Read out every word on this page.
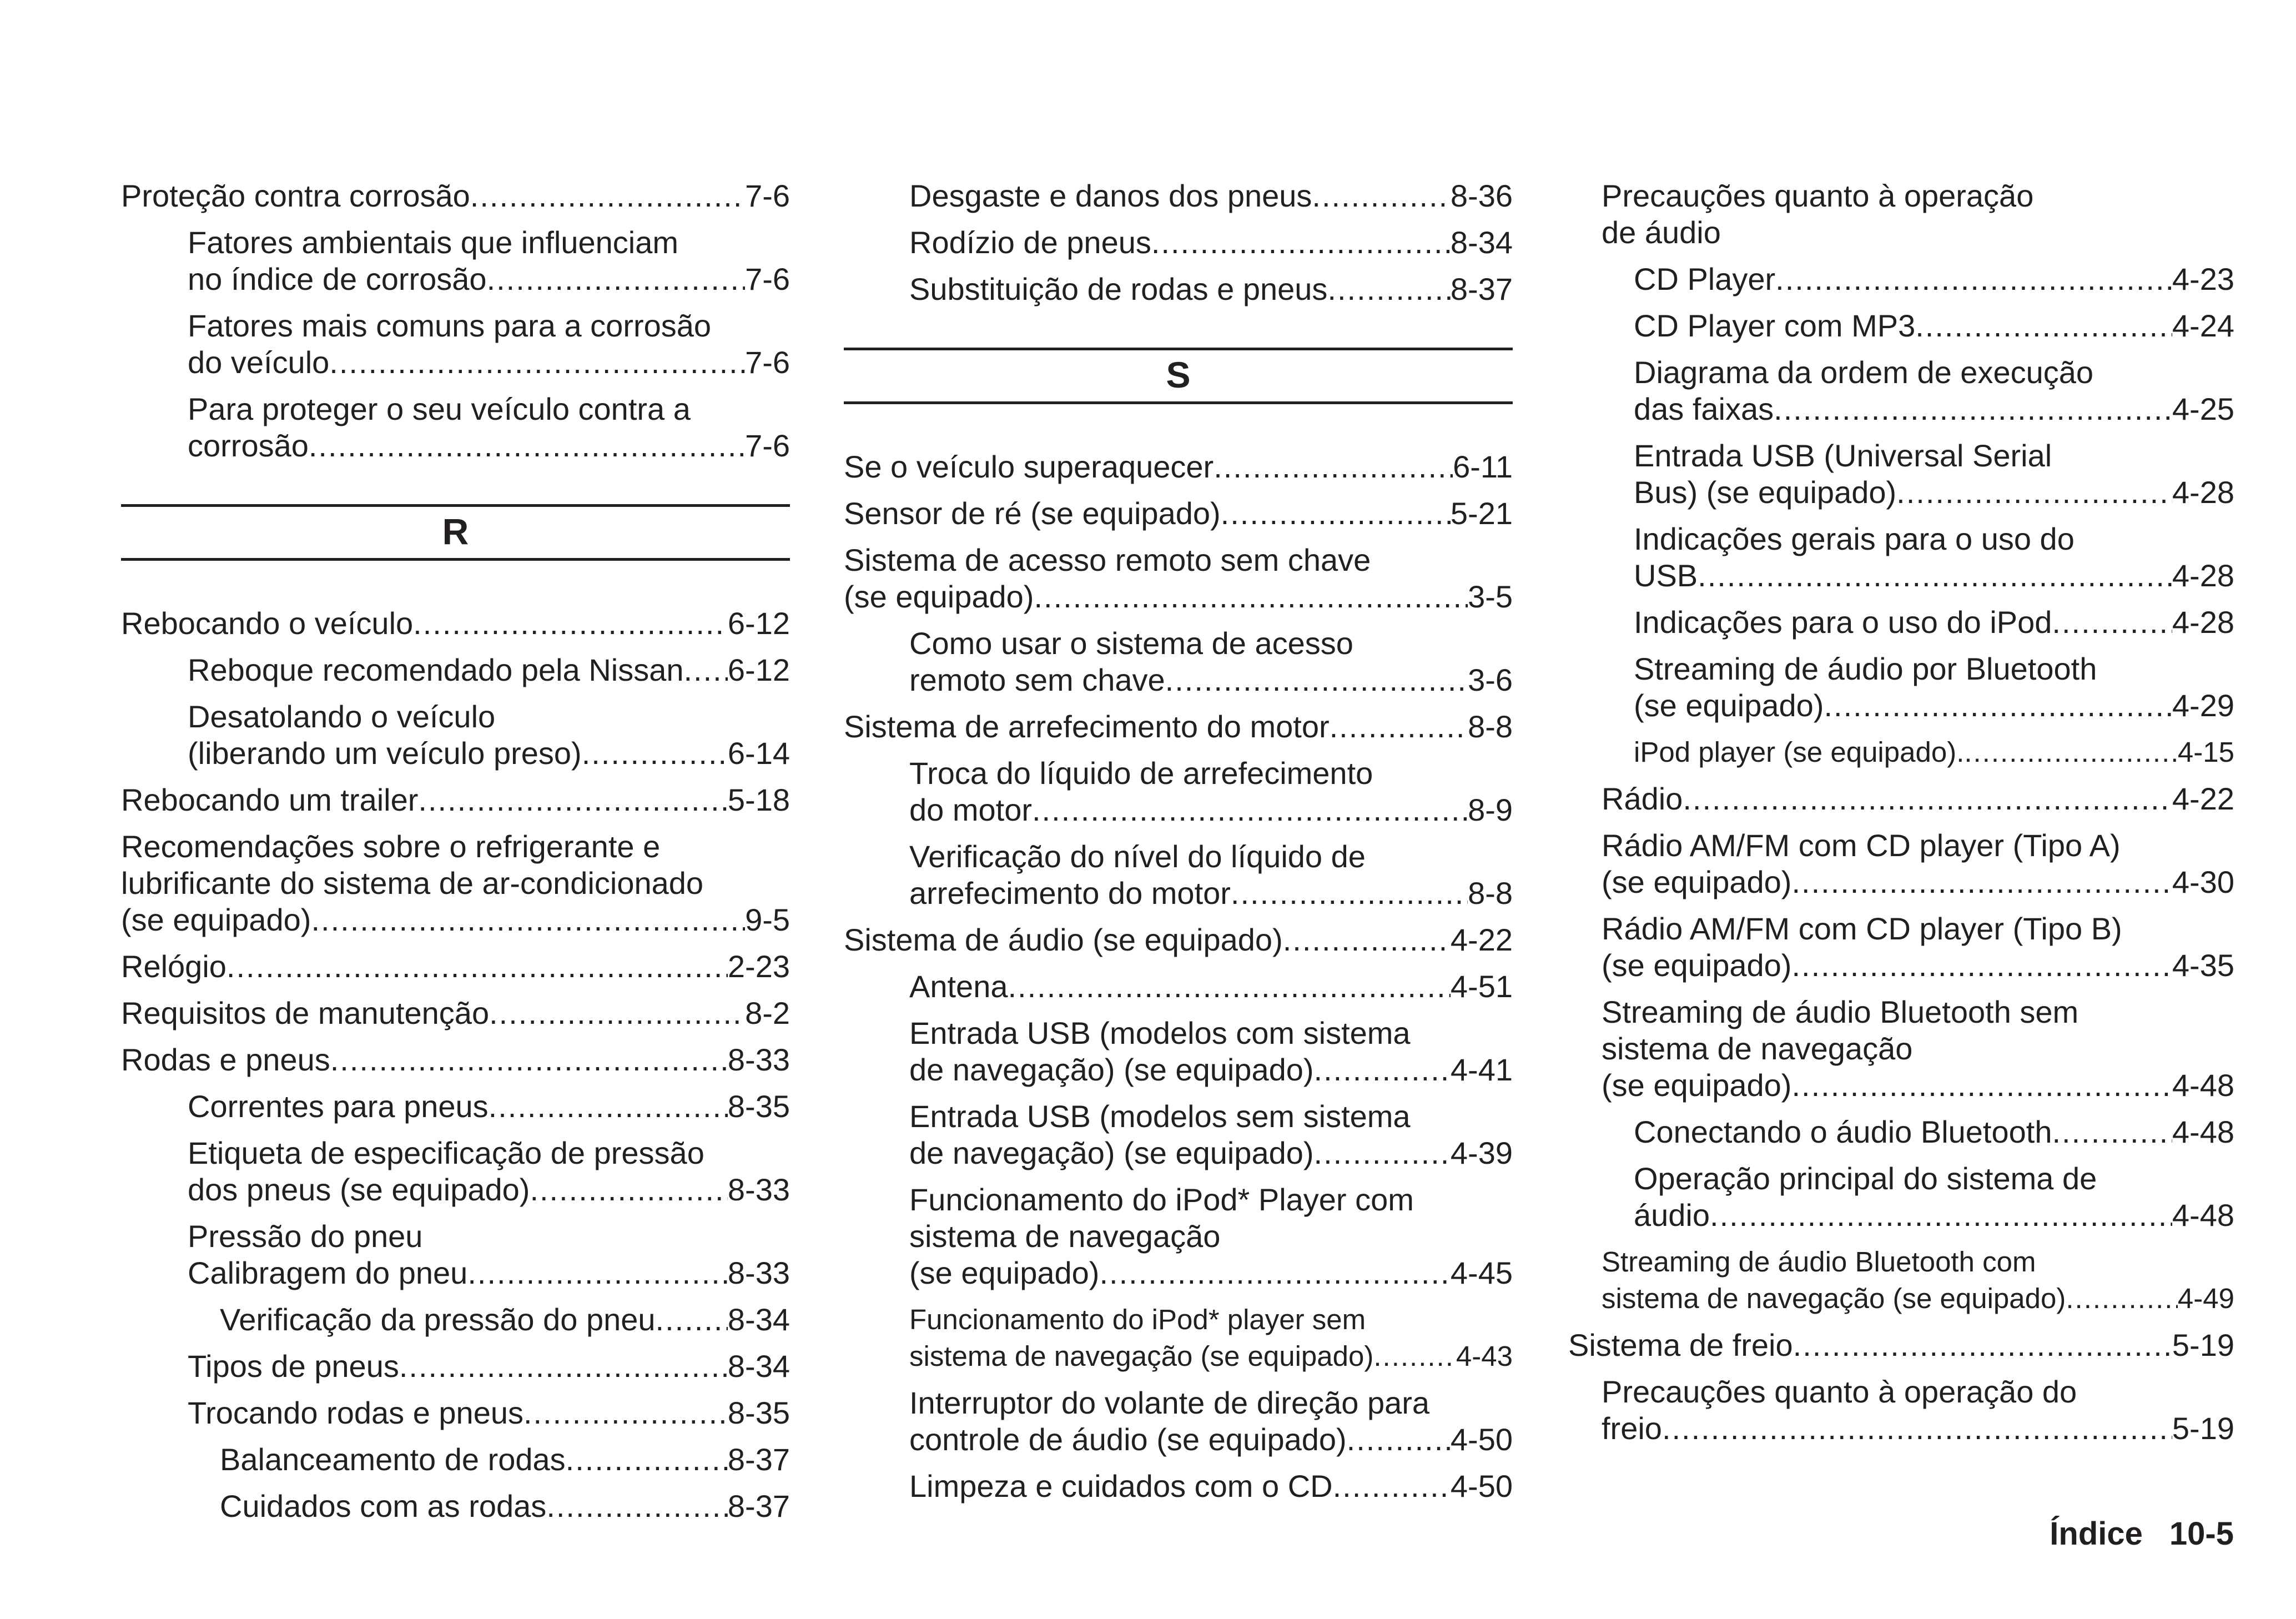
Proteção contra corrosão .....	7-6
Fatores ambientais que influenciam
no índice de corrosão .....	7-6
Fatores mais comuns para a corrosão
do veículo .....	7-6
Para proteger o seu veículo contra a
corrosão .....	7-6
R
Rebocando o veículo .....	6-12
Reboque recomendado pela Nissan ..... 6-12
Desatolando o veículo
(liberando um veículo preso) .....	6-14
Rebocando um trailer .....	5-18
Recomendações sobre o refrigerante e
lubrificante do sistema de ar-condicionado
(se equipado) .....	9-5
Relógio .....	2-23
Requisitos de manutenção .....	8-2
Rodas e pneus .....	8-33
Correntes para pneus .....	8-35
Etiqueta de especificação de pressão
dos pneus (se equipado) .....	8-33
Pressão do pneu
Calibragem do pneu .....	8-33
Verificação da pressão do pneu ..... 8-34
Tipos de pneus .....	8-34
Trocando rodas e pneus .....	8-35
Balanceamento de rodas .....	8-37
Cuidados com as rodas .....	8-37
Desgaste e danos dos pneus .....	8-36
Rodízio de pneus .....	8-34
Substituição de rodas e pneus .....	8-37
S
Se o veículo superaquecer .....	6-11
Sensor de ré (se equipado) .....	5-21
Sistema de acesso remoto sem chave
(se equipado) .....	3-5
Como usar o sistema de acesso
remoto sem chave .....	3-6
Sistema de arrefecimento do motor .....	8-8
Troca do líquido de arrefecimento
do motor .....	8-9
Verificação do nível do líquido de
arrefecimento do motor .....	8-8
Sistema de áudio (se equipado) .....	4-22
Antena .....	4-51
Entrada USB (modelos com sistema
de navegação) (se equipado) .....	4-41
Entrada USB (modelos sem sistema
de navegação) (se equipado) .....	4-39
Funcionamento do iPod* Player com
sistema de navegação
(se equipado) .....	4-45
Funcionamento do iPod* player sem
sistema de navegação (se equipado) .....	4-43
Interruptor do volante de direção para
controle de áudio (se equipado) .....	4-50
Limpeza e cuidados com o CD .....	4-50
Precauções quanto à operação
de áudio
CD Player .....	4-23
CD Player com MP3 .....	4-24
Diagrama da ordem de execução
das faixas .....	4-25
Entrada USB (Universal Serial
Bus) (se equipado) .....	4-28
Indicações gerais para o uso do
USB .....	4-28
Indicações para o uso do iPod .....	4-28
Streaming de áudio por Bluetooth
(se equipado) .....	4-29
iPod player (se equipado). .....	4-15
Rádio .....	4-22
Rádio AM/FM com CD player (Tipo A)
(se equipado) .....	4-30
Rádio AM/FM com CD player (Tipo B)
(se equipado) .....	4-35
Streaming de áudio Bluetooth sem
sistema de navegação
(se equipado) .....	4-48
Conectando o áudio Bluetooth .....	4-48
Operação principal do sistema de
áudio .....	4-48
Streaming de áudio Bluetooth com
sistema de navegação (se equipado) .....	4-49
Sistema de freio .....	5-19
Precauções quanto à operação do
freio .....	5-19
Índice 10-5
